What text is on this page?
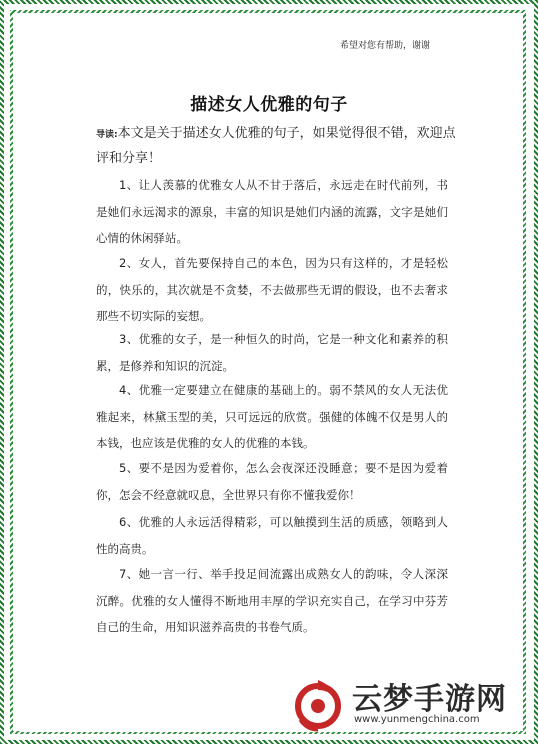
希望对您有帮助，谢谢
描述女人优雅的句子
导读:本文是关于描述女人优雅的句子，如果觉得很不错，欢迎点评和分享！
1、让人羡慕的优雅女人从不甘于落后，永远走在时代前列，书是她们永远渴求的源泉，丰富的知识是她们内涵的流露，文字是她们心情的休闲驿站。
2、女人，首先要保持自己的本色，因为只有这样的，才是轻松的，快乐的，其次就是不贪婪，不去做那些无谓的假设，也不去奢求那些不切实际的妄想。
3、优雅的女子，是一种恒久的时尚，它是一种文化和素养的积累，是修养和知识的沉淀。
4、优雅一定要建立在健康的基础上的。弱不禁风的女人无法优雅起来，林黛玉型的美，只可远远的欣赏。强健的体魄不仅是男人的本钱，也应该是优雅的女人的优雅的本钱。
5、要不是因为爱着你，怎么会夜深还没睡意；要不是因为爱着你，怎会不经意就叹息，全世界只有你不懂我爱你！
6、优雅的人永远活得精彩，可以触摸到生活的质感，领略到人性的高贵。
7、她一言一行、举手投足间流露出成熟女人的韵味，令人深深沉醉。优雅的女人懂得不断地用丰厚的学识充实自己，在学习中芬芳自己的生命，用知识滋养高贵的书卷气质。
云梦手游网
www.yunmengchina.com
